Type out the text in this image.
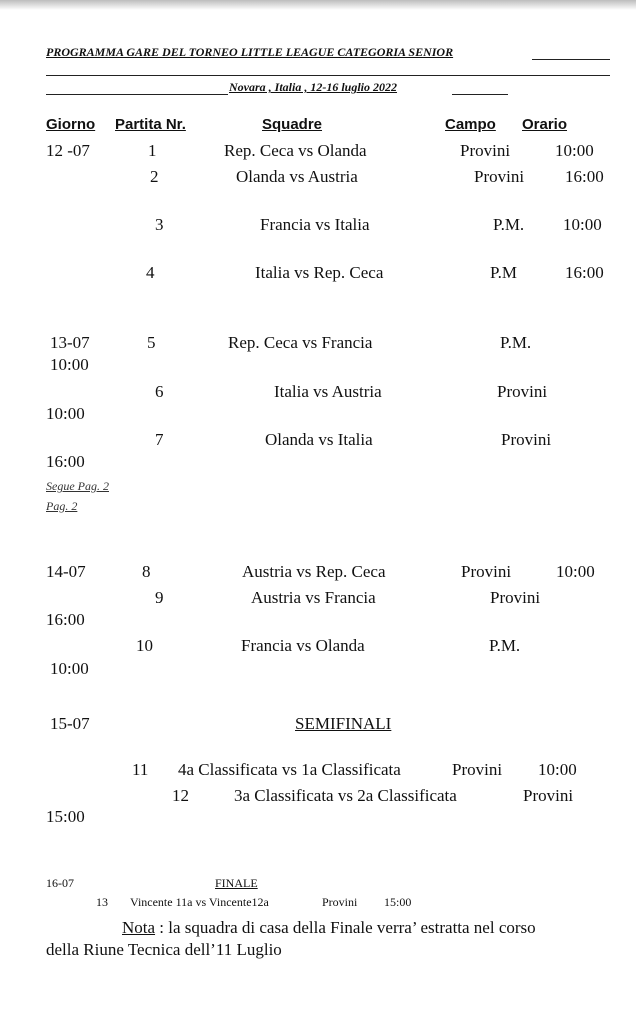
PROGRAMMA GARE DEL TORNEO LITTLE LEAGUE CATEGORIA SENIOR
Novara , Italia , 12-16 luglio 2022
Giorno Partita Nr.	Squadre	Campo Orario
12 -07	1	Rep. Ceca vs Olanda	Provini	10:00
2	Olanda vs Austria	Provini 16:00
3	Francia vs Italia	P.M. 10:00
4	Italia vs Rep. Ceca	P.M	16:00
13-07	5	Rep. Ceca vs Francia	P.M.
10:00
6	Italia vs Austria	Provini
10:00
7	Olanda vs Italia	Provini
16:00
Segue Pag. 2
Pag. 2
14-07	8	Austria vs Rep. Ceca	Provini	10:00
9	Austria vs Francia	Provini
16:00
10	Francia vs Olanda	P.M.
10:00
15-07	SEMIFINALI
11 4a Classificata vs 1a Classificata	Provini 10:00
12	3a Classificata vs 2a Classificata	Provini
15:00
16-07	FINALE
13 Vincente 11a vs Vincente12a	Provini 15:00
Nota : la squadra di casa della Finale verra’ estratta nel corso
della Riune Tecnica dell’11 Luglio
